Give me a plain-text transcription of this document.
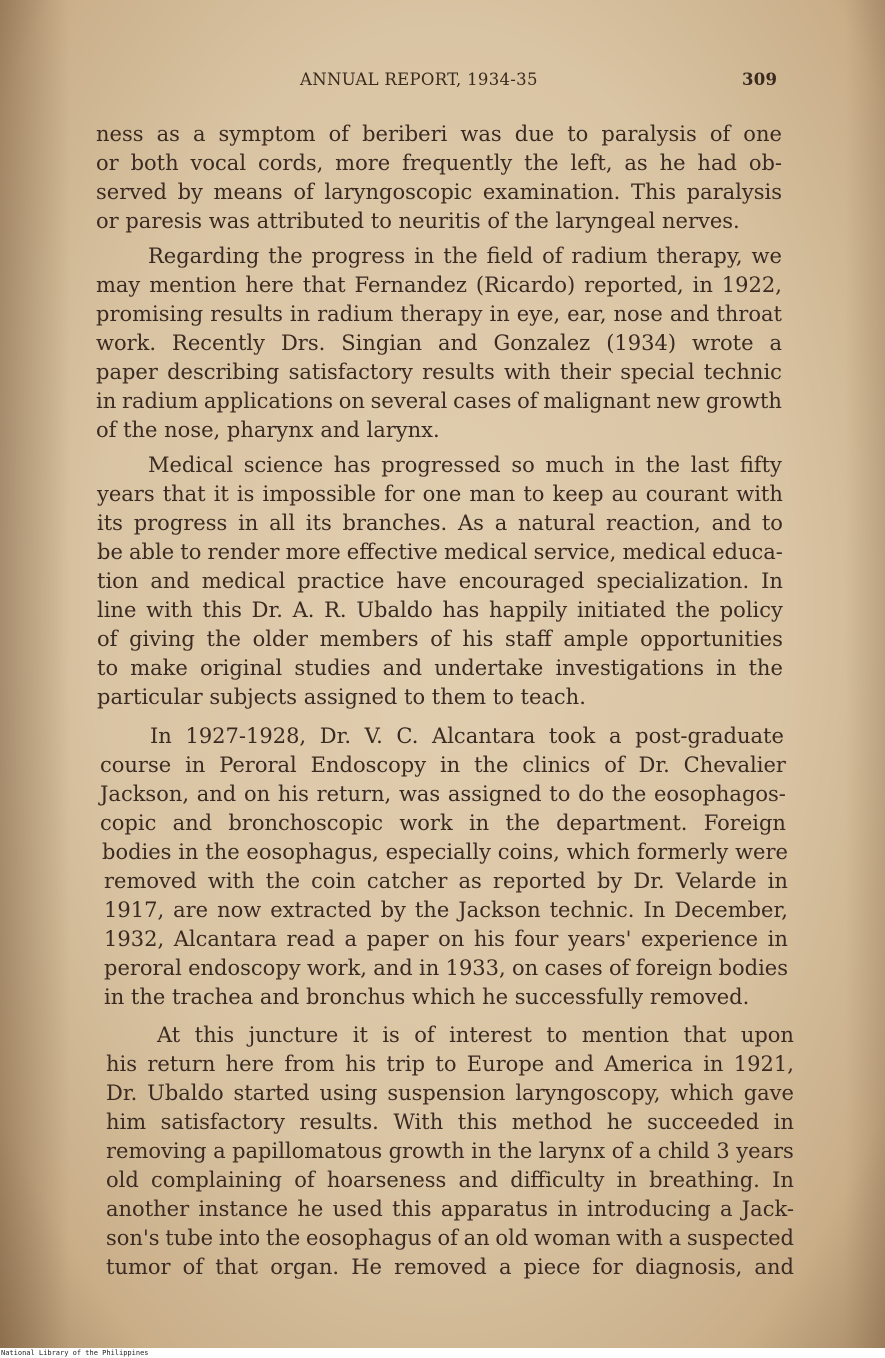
ANNUAL REPORT, 1934-35	309
ness as a symptom of beriberi was due to paralysis of one
or both vocal cords, more frequently the left, as he had ob-
served by means of laryngoscopic examination. This paralysis
or paresis was attributed to neuritis of the laryngeal nerves.
Regarding the progress in the field of radium therapy, we
may mention here that Fernandez (Ricardo) reported, in 1922,
promising results in radium therapy in eye, ear, nose and throat
work. Recently Drs. Singian and Gonzalez (1934) wrote a
paper describing satisfactory results with their special technic
in radium applications on several cases of malignant new growth
of the nose, pharynx and larynx.
Medical science has progressed so much in the last fifty
years that it is impossible for one man to keep au courant with
its progress in all its branches. As a natural reaction, and to
be able to render more effective medical service, medical educa-
tion and medical practice have encouraged specialization. In
line with this Dr. A. R. Ubaldo has happily initiated the policy
of giving the older members of his staff ample opportunities
to make original studies and undertake investigations in the
particular subjects assigned to them to teach.
In 1927-1928, Dr. V. C. Alcantara took a post-graduate
course in Peroral Endoscopy in the clinics of Dr. Chevalier
Jackson, and on his return, was assigned to do the eosophagos-
copic and bronchoscopic work in the department. Foreign
bodies in the eosophagus, especially coins, which formerly were
removed with the coin catcher as reported by Dr. Velarde in
1917, are now extracted by the Jackson technic. In December,
1932, Alcantara read a paper on his four years' experience in
peroral endoscopy work, and in 1933, on cases of foreign bodies
in the trachea and bronchus which he successfully removed.
At this juncture it is of interest to mention that upon
his return here from his trip to Europe and America in 1921,
Dr. Ubaldo started using suspension laryngoscopy, which gave
him satisfactory results. With this method he succeeded in
removing a papillomatous growth in the larynx of a child 3 years
old complaining of hoarseness and difficulty in breathing. In
another instance he used this apparatus in introducing a Jack-
son's tube into the eosophagus of an old woman with a suspected
tumor of that organ. He removed a piece for diagnosis, and
National Library of the Philippines
